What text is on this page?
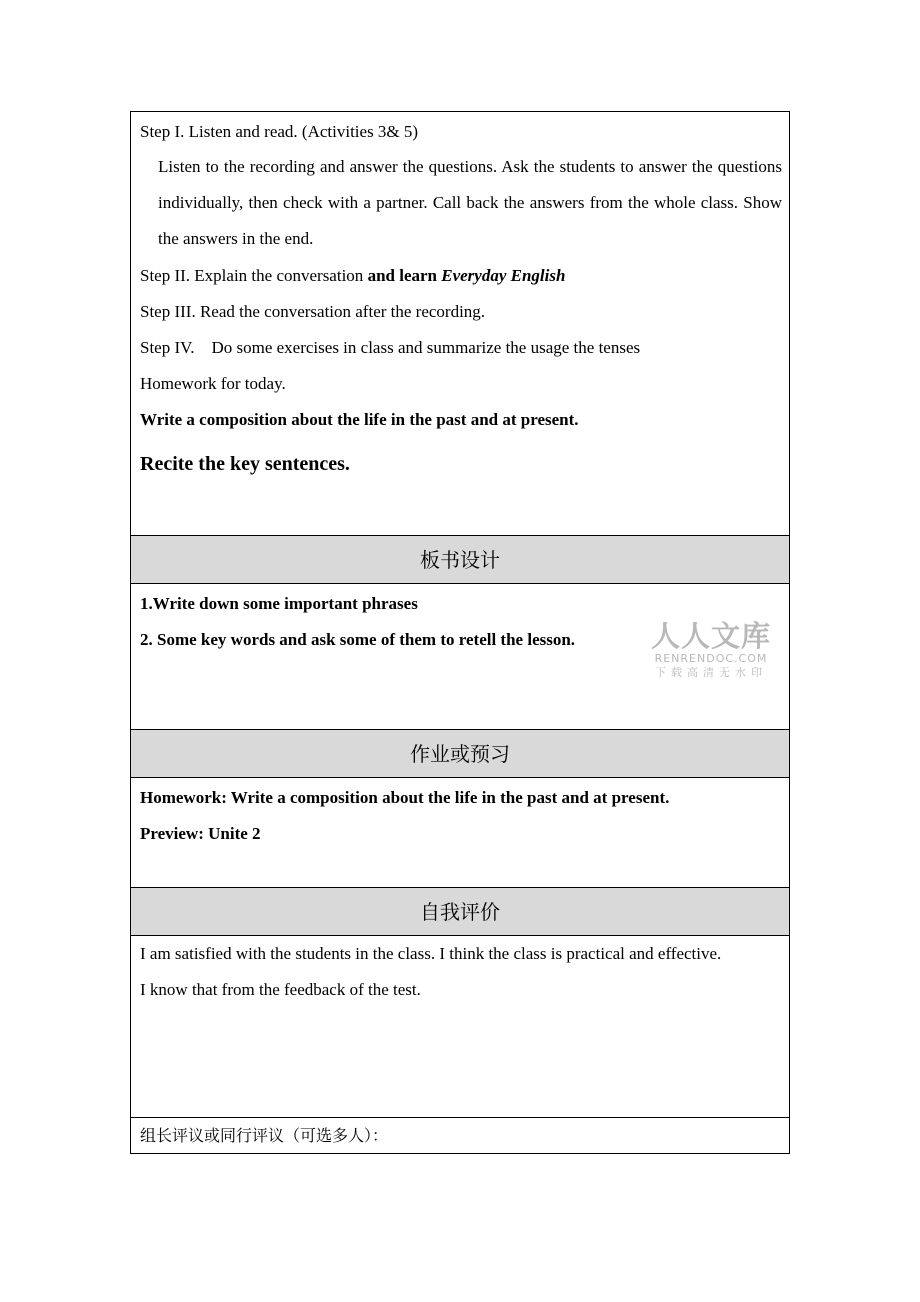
Step I. Listen and read. (Activities 3& 5)
Listen to the recording and answer the questions. Ask the students to answer the questions individually, then check with a partner. Call back the answers from the whole class. Show the answers in the end.
Step II. Explain the conversation and learn Everyday English
Step III. Read the conversation after the recording.
Step IV.    Do some exercises in class and summarize the usage the tenses
Homework for today.
Write a composition about the life in the past and at present.
Recite the key sentences.
板书设计
1.Write down some important phrases
2. Some key words and ask some of them to retell the lesson.	人人文库
RENRENDOC.COM
下载高清无水印
作业或预习
Homework: Write a composition about the life in the past and at present.
Preview: Unite 2
自我评价
I am satisfied with the students in the class. I think the class is practical and effective.
I know that from the feedback of the test.
组长评议或同行评议（可选多人）：
